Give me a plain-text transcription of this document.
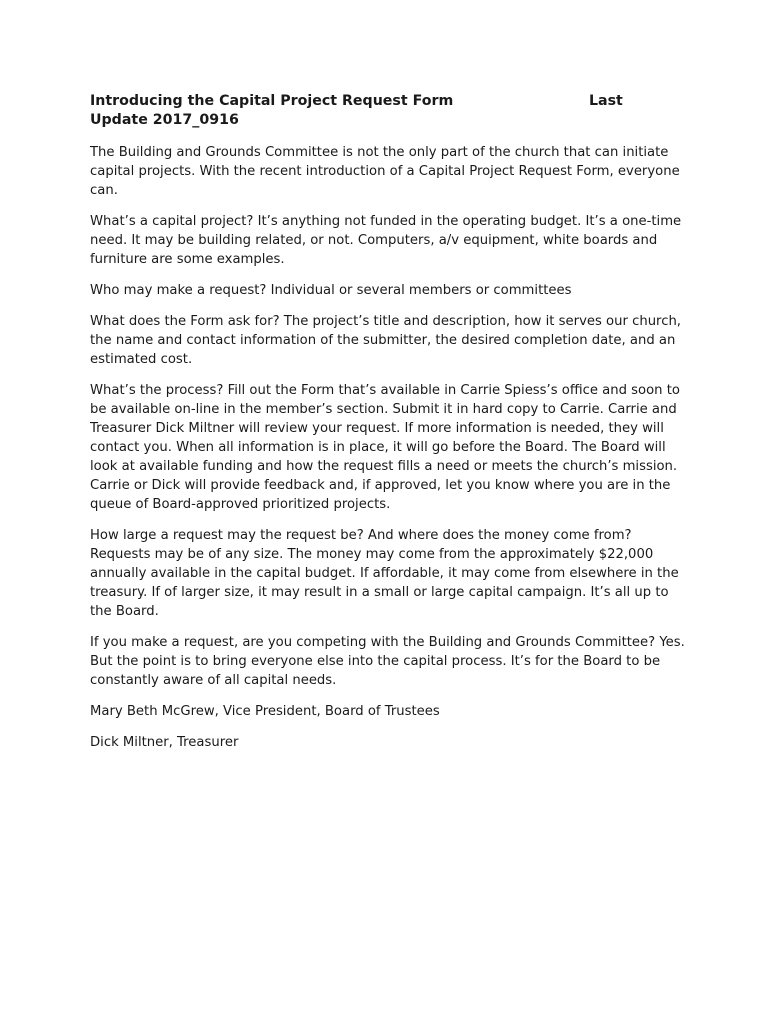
Introducing the Capital Project Request Form	Last
Update 2017_0916

The Building and Grounds Committee is not the only part of the church that can initiate capital projects. With the recent introduction of a Capital Project Request Form, everyone can.

What’s a capital project? It’s anything not funded in the operating budget. It’s a one-time need. It may be building related, or not. Computers, a/v equipment, white boards and furniture are some examples.

Who may make a request? Individual or several members or committees

What does the Form ask for? The project’s title and description, how it serves our church, the name and contact information of the submitter, the desired completion date, and an estimated cost.

What’s the process? Fill out the Form that’s available in Carrie Spiess’s office and soon to be available on-line in the member’s section. Submit it in hard copy to Carrie. Carrie and Treasurer Dick Miltner will review your request. If more information is needed, they will contact you. When all information is in place, it will go before the Board. The Board will look at available funding and how the request fills a need or meets the church’s mission. Carrie or Dick will provide feedback and, if approved, let you know where you are in the queue of Board-approved prioritized projects.

How large a request may the request be? And where does the money come from? Requests may be of any size. The money may come from the approximately $22,000 annually available in the capital budget. If affordable, it may come from elsewhere in the treasury. If of larger size, it may result in a small or large capital campaign. It’s all up to the Board.

If you make a request, are you competing with the Building and Grounds Committee? Yes. But the point is to bring everyone else into the capital process. It’s for the Board to be constantly aware of all capital needs.

Mary Beth McGrew, Vice President, Board of Trustees

Dick Miltner, Treasurer
